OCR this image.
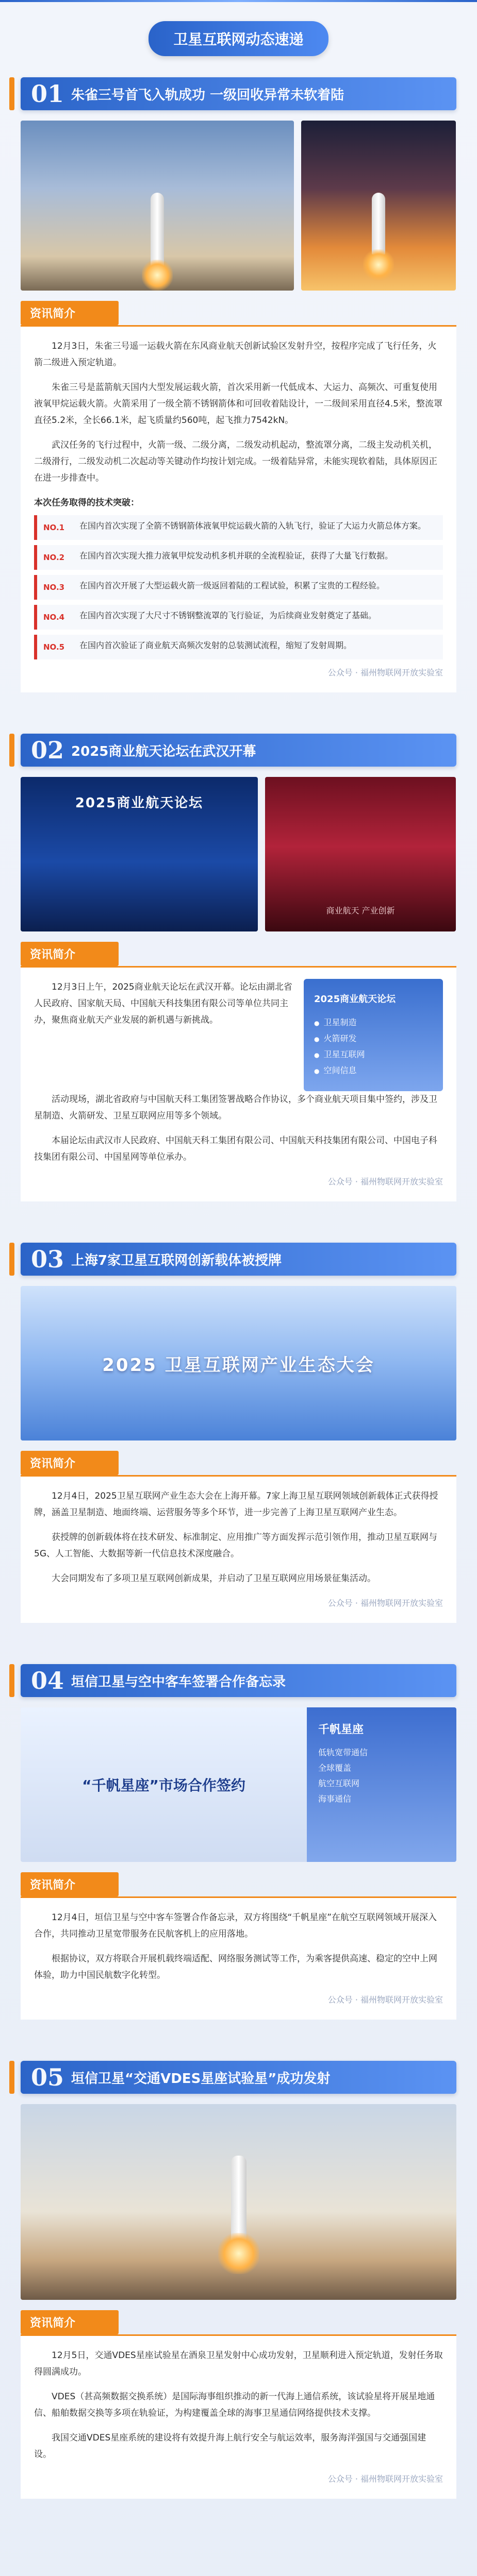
卫星互联网动态速递
01 朱雀三号首飞入轨成功 一级回收异常未软着陆
资讯简介

12月3日，朱雀三号遥一运载火箭在东风商业航天创新试验区发射升空，按程序完成了飞行任务，火箭二级进入预定轨道。

朱雀三号是蓝箭航天国内大型发展运载火箭，首次采用新一代低成本、大运力、高频次、可重复使用液氧甲烷运载火箭。火箭采用了一级全箭不锈钢箭体和可回收着陆设计，一二级间采用直径4.5米，整流罩直径5.2米，全长66.1米，起飞质量约560吨，起飞推力7542kN。

武汉任务的飞行过程中，火箭一级、二级分离，二级发动机起动，整流罩分离，二级主发动机关机，二级滑行，二级发动机二次起动等关键动作均按计划完成。一级着陆异常，未能实现软着陆，具体原因正在进一步排查中。

本次任务取得的技术突破：
NO.1	在国内首次实现了全箭不锈钢箭体液氧甲烷运载火箭的入轨飞行，验证了大运力火箭总体方案。
NO.2	在国内首次实现大推力液氧甲烷发动机多机并联的全流程验证，获得了大量飞行数据。
NO.3	在国内首次开展了大型运载火箭一级返回着陆的工程试验，积累了宝贵的工程经验。
NO.4	在国内首次实现了大尺寸不锈钢整流罩的飞行验证，为后续商业发射奠定了基础。
NO.5	在国内首次验证了商业航天高频次发射的总装测试流程，缩短了发射周期。
公众号 · 福州物联网开放实验室
02 2025商业航天论坛在武汉开幕
2025商业航天论坛
商业航天 产业创新
资讯简介

12月3日上午，2025商业航天论坛在武汉开幕。论坛由湖北省人民政府、国家航天局、中国航天科技集团有限公司等单位共同主办，聚焦商业航天产业发展的新机遇与新挑战。

2025商业航天论坛
● 卫星制造
● 火箭研发
● 卫星互联网
● 空间信息

活动现场，湖北省政府与中国航天科工集团签署战略合作协议，多个商业航天项目集中签约，涉及卫星制造、火箭研发、卫星互联网应用等多个领域。

本届论坛由武汉市人民政府、中国航天科工集团有限公司、中国航天科技集团有限公司、中国电子科技集团有限公司、中国星网等单位承办。

公众号 · 福州物联网开放实验室
03 上海7家卫星互联网创新载体被授牌
2025 卫星互联网产业生态大会
资讯简介

12月4日，2025卫星互联网产业生态大会在上海开幕。7家上海卫星互联网领域创新载体正式获得授牌，涵盖卫星制造、地面终端、运营服务等多个环节，进一步完善了上海卫星互联网产业生态。

获授牌的创新载体将在技术研发、标准制定、应用推广等方面发挥示范引领作用，推动卫星互联网与5G、人工智能、大数据等新一代信息技术深度融合。

大会同期发布了多项卫星互联网创新成果，并启动了卫星互联网应用场景征集活动。

公众号 · 福州物联网开放实验室
04 垣信卫星与空中客车签署合作备忘录
“千帆星座”市场合作签约
千帆星座
低轨宽带通信
全球覆盖
航空互联网
海事通信
资讯简介

12月4日，垣信卫星与空中客车签署合作备忘录，双方将围绕“千帆星座”在航空互联网领域开展深入合作，共同推动卫星宽带服务在民航客机上的应用落地。

根据协议，双方将联合开展机载终端适配、网络服务测试等工作，为乘客提供高速、稳定的空中上网体验，助力中国民航数字化转型。

公众号 · 福州物联网开放实验室
05 垣信卫星“交通VDES星座试验星”成功发射
资讯简介

12月5日，交通VDES星座试验星在酒泉卫星发射中心成功发射，卫星顺利进入预定轨道，发射任务取得圆满成功。

VDES（甚高频数据交换系统）是国际海事组织推动的新一代海上通信系统，该试验星将开展星地通信、船舶数据交换等多项在轨验证，为构建覆盖全球的海事卫星通信网络提供技术支撑。

我国交通VDES星座系统的建设将有效提升海上航行安全与航运效率，服务海洋强国与交通强国建设。

公众号 · 福州物联网开放实验室
